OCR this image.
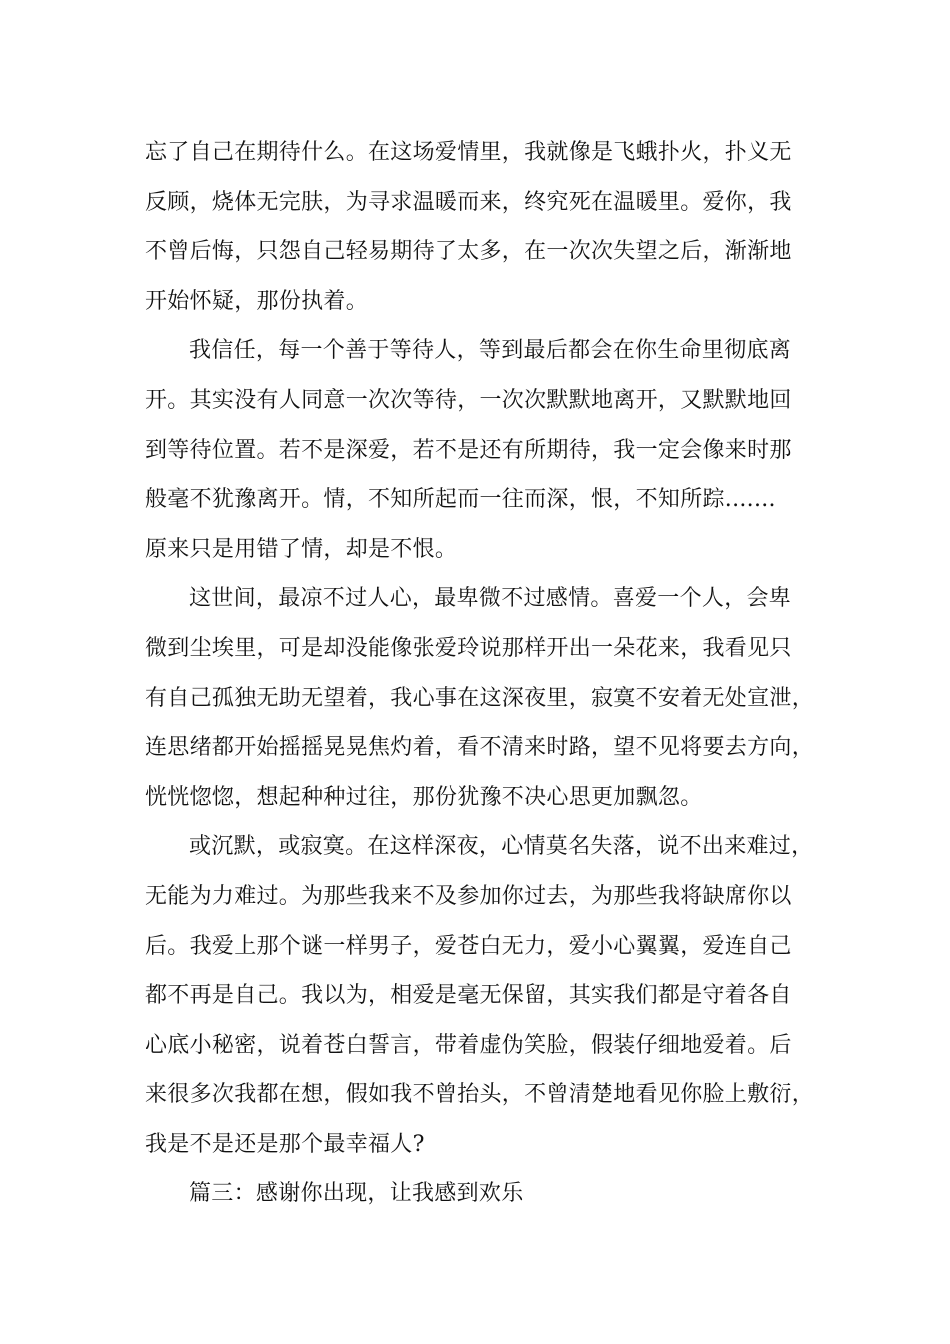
忘了自己在期待什么。在这场爱情里，我就像是飞蛾扑火，扑义无
反顾，烧体无完肤，为寻求温暖而来，终究死在温暖里。爱你，我
不曾后悔，只怨自己轻易期待了太多，在一次次失望之后，渐渐地
开始怀疑，那份执着。
我信任，每一个善于等待人，等到最后都会在你生命里彻底离
开。其实没有人同意一次次等待，一次次默默地离开，又默默地回
到等待位置。若不是深爱，若不是还有所期待，我一定会像来时那
般毫不犹豫离开。情，不知所起而一往而深，恨，不知所踪.......
原来只是用错了情，却是不恨。
这世间，最凉不过人心，最卑微不过感情。喜爱一个人，会卑
微到尘埃里，可是却没能像张爱玲说那样开出一朵花来，我看见只
有自己孤独无助无望着，我心事在这深夜里，寂寞不安着无处宣泄，
连思绪都开始摇摇晃晃焦灼着，看不清来时路，望不见将要去方向，
恍恍惚惚，想起种种过往，那份犹豫不决心思更加飘忽。
或沉默，或寂寞。在这样深夜，心情莫名失落，说不出来难过，
无能为力难过。为那些我来不及参加你过去，为那些我将缺席你以
后。我爱上那个谜一样男子，爱苍白无力，爱小心翼翼，爱连自己
都不再是自己。我以为，相爱是毫无保留，其实我们都是守着各自
心底小秘密，说着苍白誓言，带着虚伪笑脸，假装仔细地爱着。后
来很多次我都在想，假如我不曾抬头，不曾清楚地看见你脸上敷衍，
我是不是还是那个最幸福人?
篇三：感谢你出现，让我感到欢乐
